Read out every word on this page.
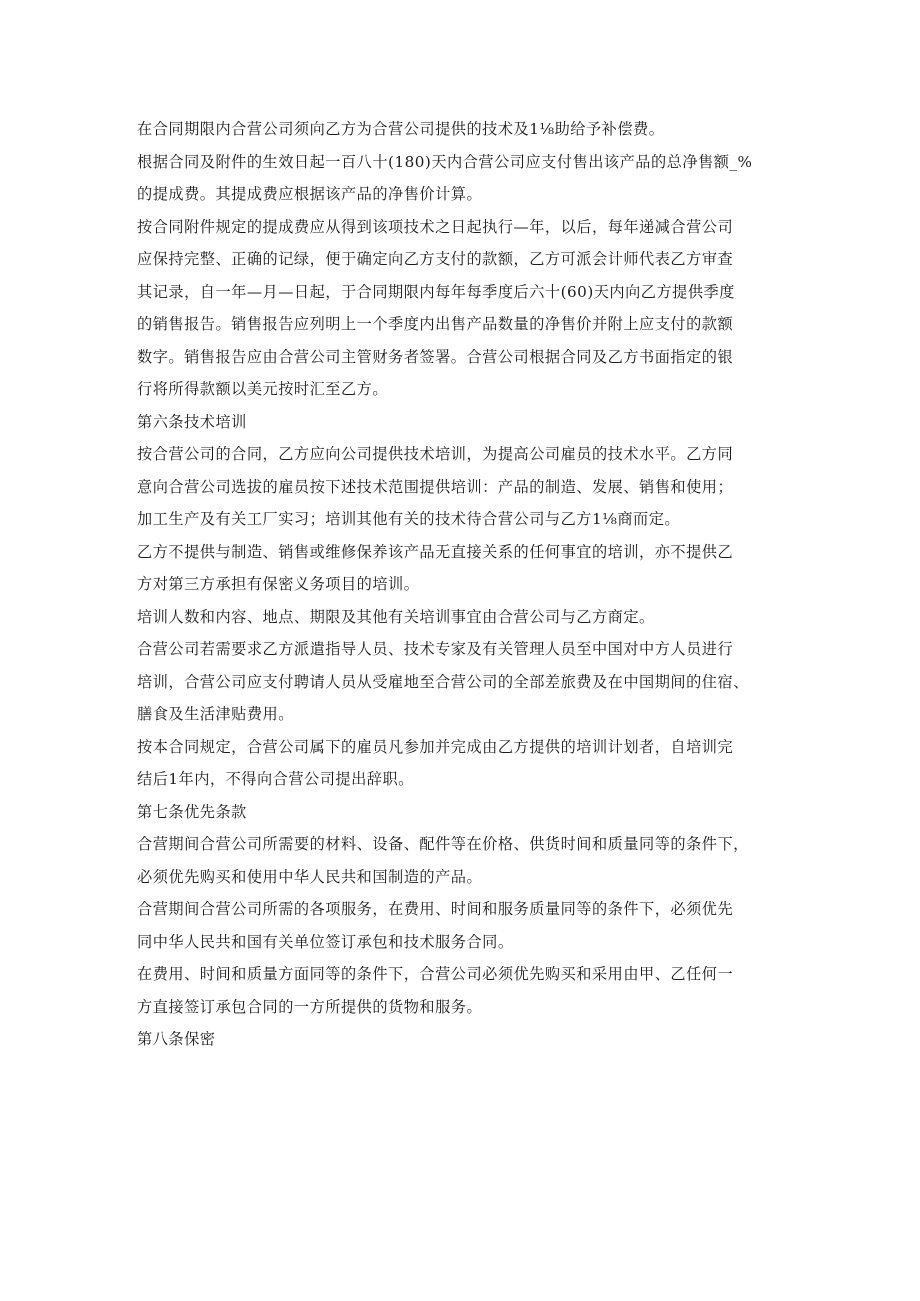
在合同期限内合营公司须向乙方为合营公司提供的技术及1⅛助给予补偿费。
根据合同及附件的生效日起一百八十(180)天内合营公司应支付售出该产品的总净售额_%
的提成费。其提成费应根据该产品的净售价计算。
按合同附件规定的提成费应从得到该项技术之日起执行—年，以后，每年递减合营公司
应保持完整、正确的记绿，便于确定向乙方支付的款额，乙方可派会计师代表乙方审查
其记录，自一年—月—日起，于合同期限内每年每季度后六十(60)天内向乙方提供季度
的销售报告。销售报告应列明上一个季度内出售产品数量的净售价并附上应支付的款额
数字。销售报告应由合营公司主管财务者签署。合营公司根据合同及乙方书面指定的银
行将所得款额以美元按时汇至乙方。
第六条技术培训
按合营公司的合同，乙方应向公司提供技术培训，为提高公司雇员的技术水平。乙方同
意向合营公司选拔的雇员按下述技术范围提供培训：产品的制造、发展、销售和使用；
加工生产及有关工厂实习；培训其他有关的技术待合营公司与乙方1⅛商而定。
乙方不提供与制造、销售或维修保养该产品无直接关系的任何事宜的培训，亦不提供乙
方对第三方承担有保密义务项目的培训。
培训人数和内容、地点、期限及其他有关培训事宜由合营公司与乙方商定。
合营公司若需要求乙方派遣指导人员、技术专家及有关管理人员至中国对中方人员进行
培训，合营公司应支付聘请人员从受雇地至合营公司的全部差旅费及在中国期间的住宿、
膳食及生活津贴费用。
按本合同规定，合营公司属下的雇员凡参加并完成由乙方提供的培训计划者，自培训完
结后1年内，不得向合营公司提出辞职。
第七条优先条款
合营期间合营公司所需要的材料、设备、配件等在价格、供货时间和质量同等的条件下，
必须优先购买和使用中华人民共和国制造的产品。
合营期间合营公司所需的各项服务，在费用、时间和服务质量同等的条件下，必须优先
同中华人民共和国有关单位签订承包和技术服务合同。
在费用、时间和质量方面同等的条件下，合营公司必须优先购买和采用由甲、乙任何一
方直接签订承包合同的一方所提供的货物和服务。
第八条保密
